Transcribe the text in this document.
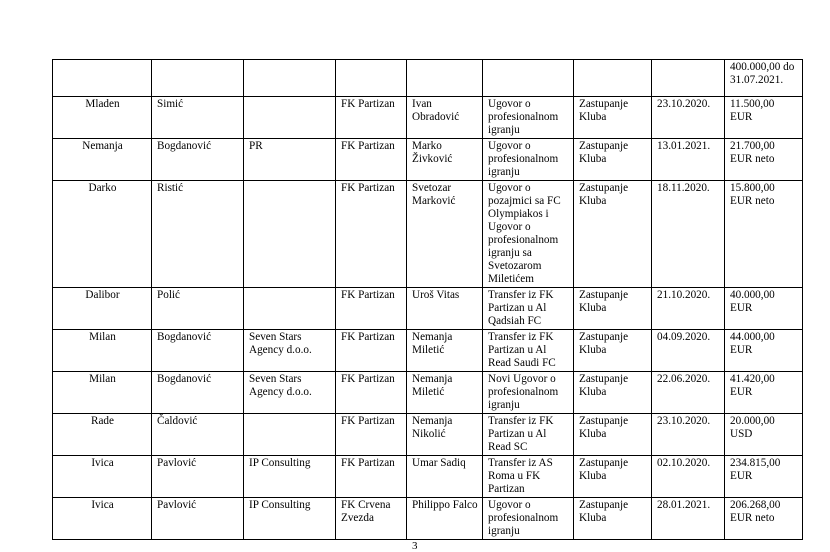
								400.000,00 do 31.07.2021.
Mladen	Simić		FK Partizan	Ivan Obradović	Ugovor o profesionalnom igranju	Zastupanje Kluba	23.10.2020.	11.500,00 EUR
Nemanja	Bogdanović	PR	FK Partizan	Marko Živković	Ugovor o profesionalnom igranju	Zastupanje Kluba	13.01.2021.	21.700,00 EUR neto
Darko	Ristić		FK Partizan	Svetozar Marković	Ugovor o pozajmici sa FC Olympiakos i Ugovor o profesionalnom igranju sa Svetozarom Miletićem	Zastupanje Kluba	18.11.2020.	15.800,00 EUR neto
Dalibor	Polić		FK Partizan	Uroš Vitas	Transfer iz FK Partizan u Al Qadsiah FC	Zastupanje Kluba	21.10.2020.	40.000,00 EUR
Milan	Bogdanović	Seven Stars Agency d.o.o.	FK Partizan	Nemanja Miletić	Transfer iz FK Partizan u Al Read Saudi FC	Zastupanje Kluba	04.09.2020.	44.000,00 EUR
Milan	Bogdanović	Seven Stars Agency d.o.o.	FK Partizan	Nemanja Miletić	Novi Ugovor o profesionalnom igranju	Zastupanje Kluba	22.06.2020.	41.420,00 EUR
Rade	Čaldović		FK Partizan	Nemanja Nikolić	Transfer iz FK Partizan u Al Read SC	Zastupanje Kluba	23.10.2020.	20.000,00 USD
Ivica	Pavlović	IP Consulting	FK Partizan	Umar Sadiq	Transfer iz AS Roma u FK Partizan	Zastupanje Kluba	02.10.2020.	234.815,00 EUR
Ivica	Pavlović	IP Consulting	FK Crvena Zvezda	Philippo Falco	Ugovor o profesionalnom igranju	Zastupanje Kluba	28.01.2021.	206.268,00 EUR neto
3
